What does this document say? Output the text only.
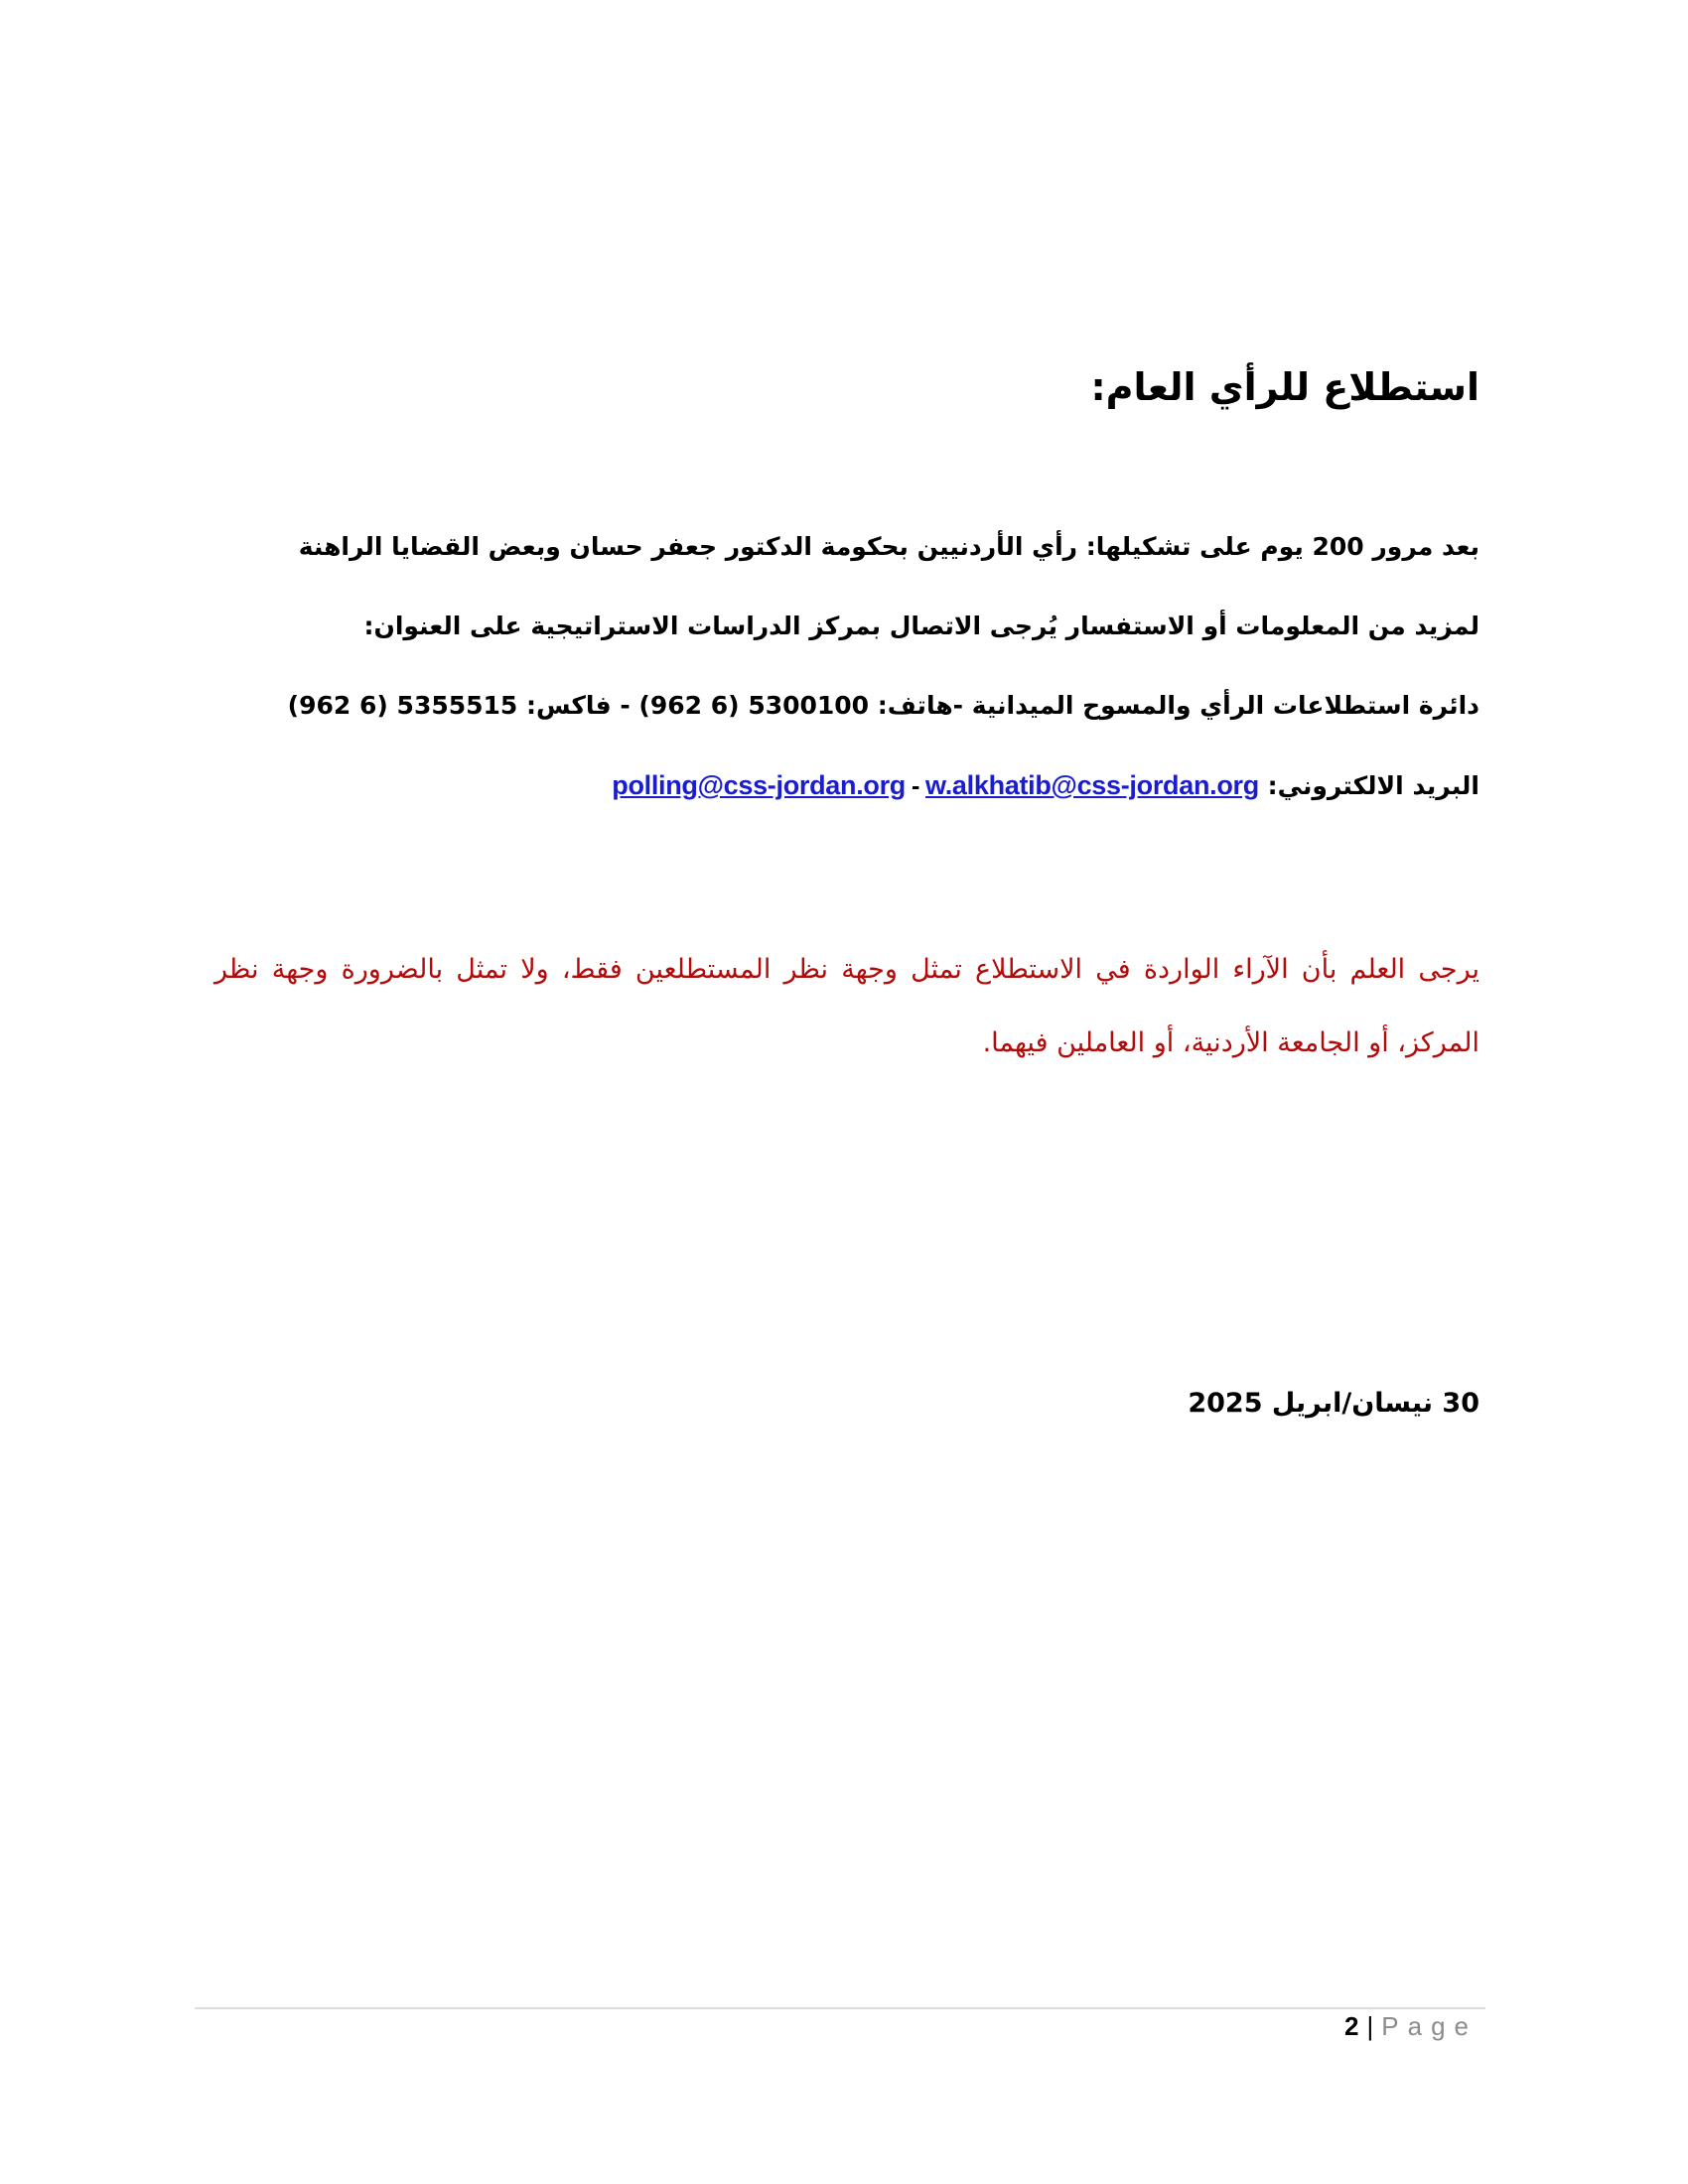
استطلاع للرأي العام:
بعد مرور 200 يوم على تشكيلها: رأي الأردنيين بحكومة الدكتور جعفر حسان وبعض القضايا الراهنة
لمزيد من المعلومات أو الاستفسار يُرجى الاتصال بمركز الدراسات الاستراتيجية على العنوان:
دائرة استطلاعات الرأي والمسوح الميدانية -هاتف: 5300100 (6 962) - فاكس: 5355515 (6 962)
البريد الالكتروني: polling@css-jordan.org - w.alkhatib@css-jordan.org
يرجى العلم بأن الآراء الواردة في الاستطلاع تمثل وجهة نظر المستطلعين فقط، ولا تمثل بالضرورة وجهة نظر المركز، أو الجامعة الأردنية، أو العاملين فيهما.
30 نيسان/ابريل 2025
2 | Page
